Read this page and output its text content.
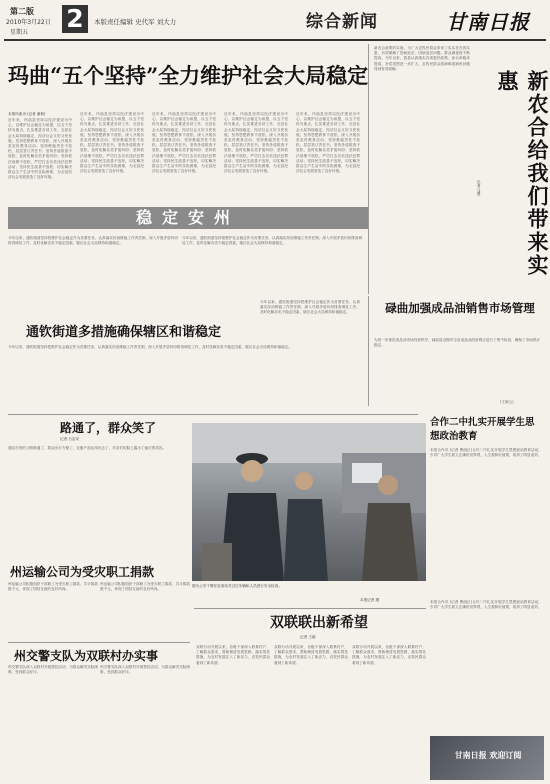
第二版
2010年3月22日
星期五 2	本版责任编辑 史代军 刘大力	综合新闻	甘南日报
玛曲“五个坚持”全力维护社会大局稳定
本报玛曲讯 (记者 谢莉)
近年来，玛曲县坚持以经济建设为中心，以维护社会稳定为前提，以五个坚持为重点，扎实推进各项工作，全县社会大局持续稳定，经济社会又好又快发展。坚持思想教育不放松，深入开展各类宣传教育活动；坚持维稳责任不放松，层层签订责任书；坚持矛盾排查不放松，及时化解各类矛盾纠纷；坚持依法治理不放松，严厉打击各类违法犯罪活动；坚持民生改善不放松，切实解决群众生产生活中的实际困难，为全县经济社会发展营造了良好环境。
近年来，玛曲县坚持以经济建设为中心，以维护社会稳定为前提，以五个坚持为重点，扎实推进各项工作，全县社会大局持续稳定，经济社会又好又快发展。坚持思想教育不放松，深入开展各类宣传教育活动；坚持维稳责任不放松，层层签订责任书；坚持矛盾排查不放松，及时化解各类矛盾纠纷；坚持依法治理不放松，严厉打击各类违法犯罪活动；坚持民生改善不放松，切实解决群众生产生活中的实际困难，为全县经济社会发展营造了良好环境。
近年来，玛曲县坚持以经济建设为中心，以维护社会稳定为前提，以五个坚持为重点，扎实推进各项工作，全县社会大局持续稳定，经济社会又好又快发展。坚持思想教育不放松，深入开展各类宣传教育活动；坚持维稳责任不放松，层层签订责任书；坚持矛盾排查不放松，及时化解各类矛盾纠纷；坚持依法治理不放松，严厉打击各类违法犯罪活动；坚持民生改善不放松，切实解决群众生产生活中的实际困难，为全县经济社会发展营造了良好环境。
近年来，玛曲县坚持以经济建设为中心，以维护社会稳定为前提，以五个坚持为重点，扎实推进各项工作，全县社会大局持续稳定，经济社会又好又快发展。坚持思想教育不放松，深入开展各类宣传教育活动；坚持维稳责任不放松，层层签订责任书；坚持矛盾排查不放松，及时化解各类矛盾纠纷；坚持依法治理不放松，严厉打击各类违法犯罪活动；坚持民生改善不放松，切实解决群众生产生活中的实际困难，为全县经济社会发展营造了良好环境。
近年来，玛曲县坚持以经济建设为中心，以维护社会稳定为前提，以五个坚持为重点，扎实推进各项工作，全县社会大局持续稳定，经济社会又好又快发展。坚持思想教育不放松，深入开展各类宣传教育活动；坚持维稳责任不放松，层层签订责任书；坚持矛盾排查不放松，及时化解各类矛盾纠纷；坚持依法治理不放松，严厉打击各类违法犯罪活动；坚持民生改善不放松，切实解决群众生产生活中的实际困难，为全县经济社会发展营造了良好环境。
新农合政策的实施，为广大农牧民群众带来了实实在在的实惠，有效缓解了因病致贫、因病返贫问题，群众满意度不断提高。今年以来，我县认真落实各项惠民政策，参合率稳步提高，补偿范围进一步扩大，农牧民群众看病难看病贵问题得到有效缓解。
新农合给我们带来实惠
记者 马慧
稳定安州
通钦街道多措施确保辖区和谐稳定
今年以来，通钦街道坚持把维护社会稳定作为首要任务，认真落实综治维稳工作责任制，深入开展矛盾纠纷排查调处工作，及时化解各类不稳定因素，辖区社会大局保持和谐稳定。
今年以来，通钦街道坚持把维护社会稳定作为首要任务，认真落实综治维稳工作责任制，深入开展矛盾纠纷排查调处工作，及时化解各类不稳定因素，辖区社会大局保持和谐稳定。
今年以来，通钦街道坚持把维护社会稳定作为首要任务，认真落实综治维稳工作责任制，深入开展矛盾纠纷排查调处工作，及时化解各类不稳定因素，辖区社会大局保持和谐稳定。
今年以来，通钦街道坚持把维护社会稳定作为首要任务，认真落实综治维稳工作责任制，深入开展矛盾纠纷排查调处工作，及时化解各类不稳定因素，辖区社会大局保持和谐稳定。	碌曲加强成品油销售市场管理
为进一步规范成品油市场经营秩序，碌曲县近期对全县成品油经营网点进行了集中检查，确保了市场供应稳定。
(王晓云)
合作二中扎实开展学生思想政治教育
本报合作讯 (记者 曹丽红)合作二中扎实开展学生思想政治教育活动，引导广大学生树立正确的世界观、人生观和价值观，取得了明显成效。
路通了，群众笑了
记者 石志安
通往村里的公路修通了，群众出行方便了，农畜产品运得出去了，乡亲们的脸上露出了灿烂的笑容。
图为公安干警在检查站对过往车辆和人员进行安全检查。
本报记者 摄
州运输公司为受灾职工捐款
州运输公司积极组织干部职工为受灾职工捐款，共计捐款数千元，体现了团结互助的良好风尚。
州运输公司积极组织干部职工为受灾职工捐款，共计捐款数千元，体现了团结互助的良好风尚。
州交警支队为双联村办实事
州交警支队深入双联村开展帮扶活动，为群众解决实际困难，受到群众好评。
州交警支队深入双联村开展帮扶活动，为群众解决实际困难，受到群众好评。
双联联出新希望
记者 王丽
双联行动开展以来，各级干部深入联系村户，了解群众需求，帮助理清发展思路，落实帮扶措施，为农村发展注入了新活力，农牧民群众看到了新希望。
双联行动开展以来，各级干部深入联系村户，了解群众需求，帮助理清发展思路，落实帮扶措施，为农村发展注入了新活力，农牧民群众看到了新希望。
双联行动开展以来，各级干部深入联系村户，了解群众需求，帮助理清发展思路，落实帮扶措施，为农村发展注入了新活力，农牧民群众看到了新希望。
本报合作讯 (记者 曹丽红)合作二中扎实开展学生思想政治教育活动，引导广大学生树立正确的世界观、人生观和价值观，取得了明显成效。
甘南日报 欢迎订阅
